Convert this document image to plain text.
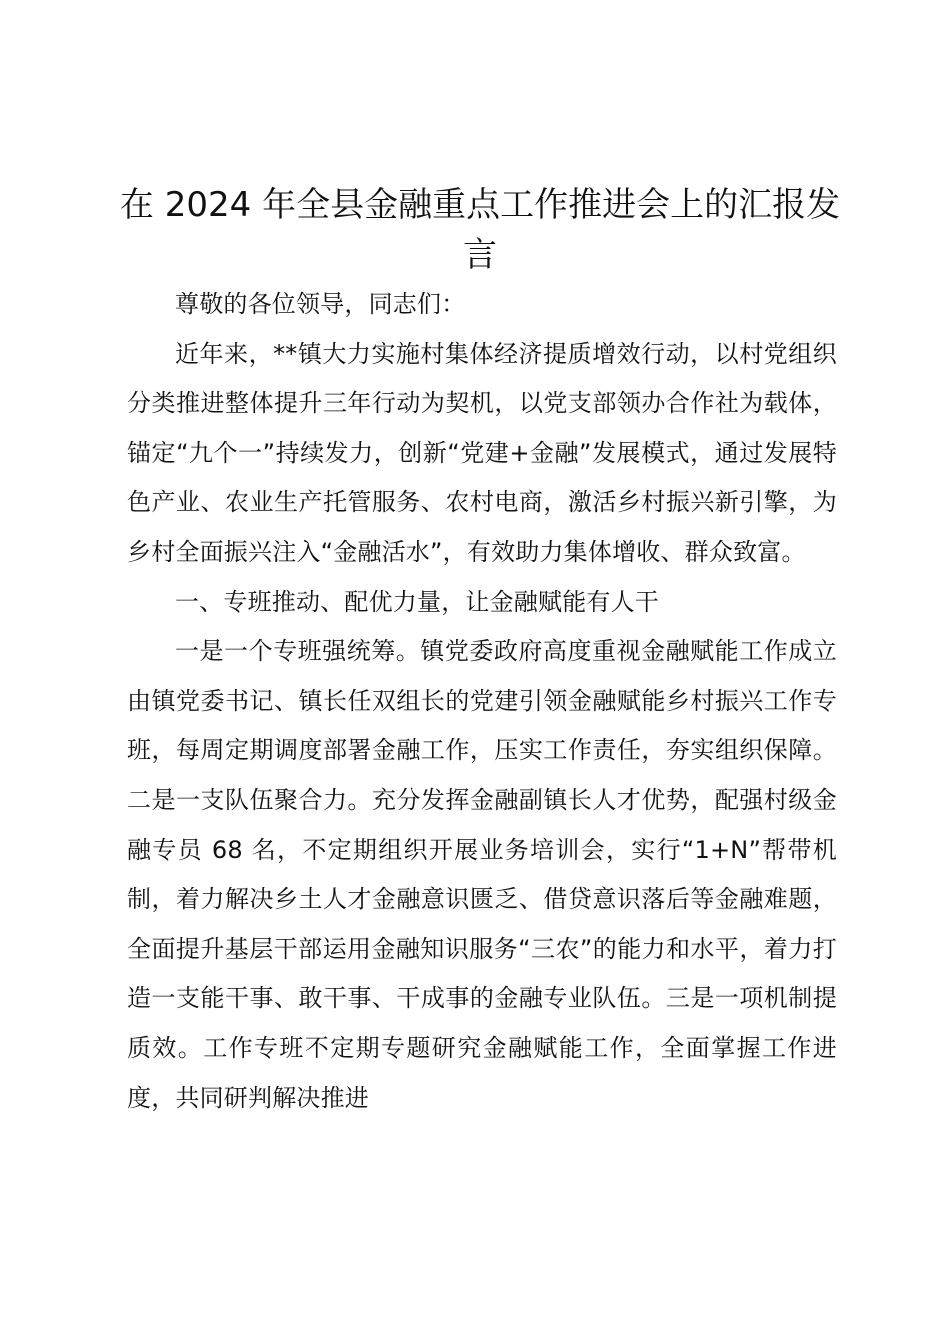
在 2024 年全县金融重点工作推进会上的汇报发言

尊敬的各位领导，同志们：

近年来，**镇大力实施村集体经济提质增效行动，以村党组织分类推进整体提升三年行动为契机，以党支部领办合作社为载体，锚定“九个一”持续发力，创新“党建+金融”发展模式，通过发展特色产业、农业生产托管服务、农村电商，激活乡村振兴新引擎，为乡村全面振兴注入“金融活水”，有效助力集体增收、群众致富。

一、专班推动、配优力量，让金融赋能有人干

一是一个专班强统筹。镇党委政府高度重视金融赋能工作成立由镇党委书记、镇长任双组长的党建引领金融赋能乡村振兴工作专班，每周定期调度部署金融工作，压实工作责任，夯实组织保障。二是一支队伍聚合力。充分发挥金融副镇长人才优势，配强村级金融专员 68 名，不定期组织开展业务培训会，实行“1+N”帮带机制，着力解决乡土人才金融意识匮乏、借贷意识落后等金融难题，全面提升基层干部运用金融知识服务“三农”的能力和水平，着力打造一支能干事、敢干事、干成事的金融专业队伍。三是一项机制提质效。工作专班不定期专题研究金融赋能工作，全面掌握工作进度，共同研判解决推进
